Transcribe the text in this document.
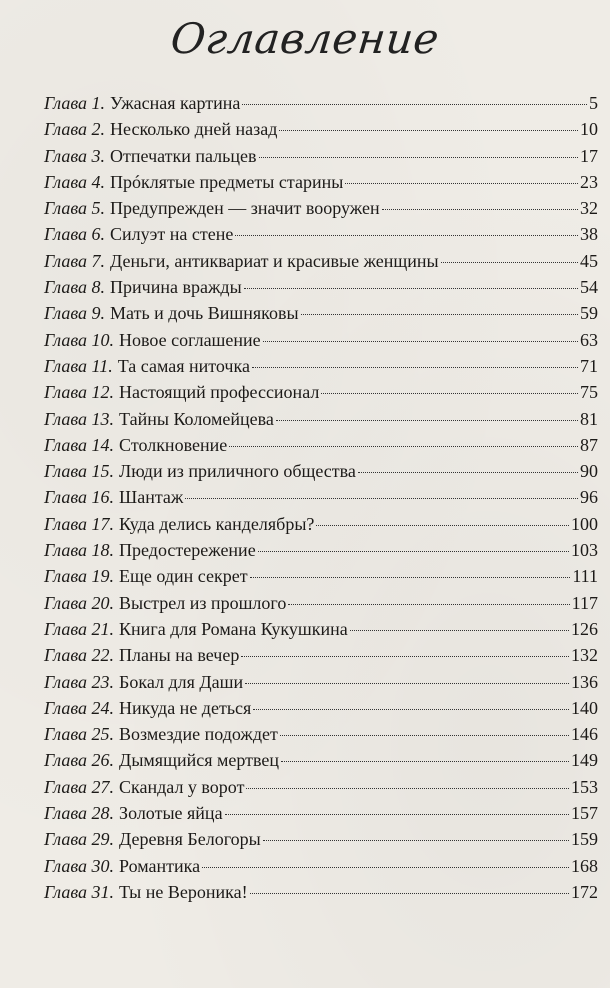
Оглавление
Глава 1. Ужасная картина	5
Глава 2. Несколько дней назад	10
Глава 3. Отпечатки пальцев	17
Глава 4. Прóклятые предметы старины	23
Глава 5. Предупрежден — значит вооружен	32
Глава 6. Силуэт на стене	38
Глава 7. Деньги, антиквариат и красивые женщины	45
Глава 8. Причина вражды	54
Глава 9. Мать и дочь Вишняковы	59
Глава 10. Новое соглашение	63
Глава 11. Та самая ниточка	71
Глава 12. Настоящий профессионал	75
Глава 13. Тайны Коломейцева	81
Глава 14. Столкновение	87
Глава 15. Люди из приличного общества	90
Глава 16. Шантаж	96
Глава 17. Куда делись канделябры?	100
Глава 18. Предостережение	103
Глава 19. Еще один секрет	111
Глава 20. Выстрел из прошлого	117
Глава 21. Книга для Романа Кукушкина	126
Глава 22. Планы на вечер	132
Глава 23. Бокал для Даши	136
Глава 24. Никуда не деться	140
Глава 25. Возмездие подождет	146
Глава 26. Дымящийся мертвец	149
Глава 27. Скандал у ворот	153
Глава 28. Золотые яйца	157
Глава 29. Деревня Белогоры	159
Глава 30. Романтика	168
Глава 31. Ты не Вероника!	172
